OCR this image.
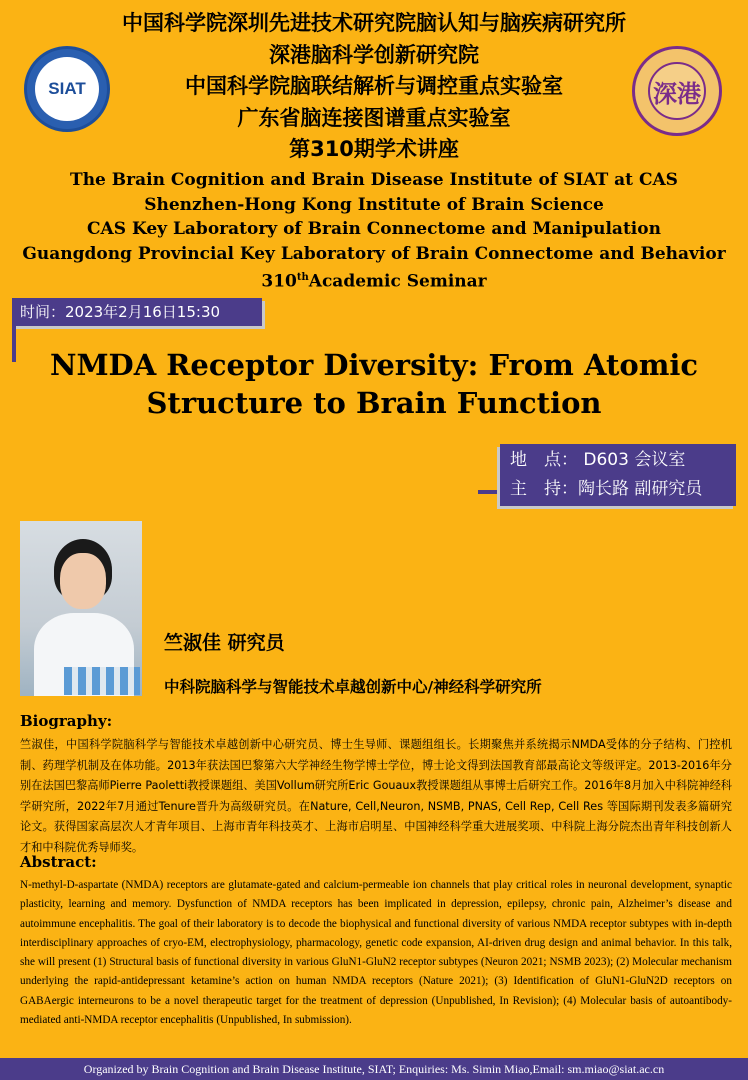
SIAT	深港
中国科学院深圳先进技术研究院脑认知与脑疾病研究所
深港脑科学创新研究院
中国科学院脑联结解析与调控重点实验室
广东省脑连接图谱重点实验室
第310期学术讲座
The Brain Cognition and Brain Disease Institute of SIAT at CAS
Shenzhen-Hong Kong Institute of Brain Science
CAS Key Laboratory of Brain Connectome and Manipulation
Guangdong Provincial Key Laboratory of Brain Connectome and Behavior
310thAcademic Seminar
时间：2023年2月16日15:30
NMDA Receptor Diversity: From Atomic Structure to Brain Function
地　点： D603 会议室
主　持：陶长路 副研究员
竺淑佳 研究员
中科院脑科学与智能技术卓越创新中心/神经科学研究所
Biography:
竺淑佳，中国科学院脑科学与智能技术卓越创新中心研究员、博士生导师、课题组组长。长期聚焦并系统揭示NMDA受体的分子结构、门控机制、药理学机制及在体功能。2013年获法国巴黎第六大学神经生物学博士学位，博士论文得到法国教育部最高论文等级评定。2013-2016年分别在法国巴黎高师Pierre Paoletti教授课题组、美国Vollum研究所Eric Gouaux教授课题组从事博士后研究工作。2016年8月加入中科院神经科学研究所，2022年7月通过Tenure晋升为高级研究员。在Nature, Cell,Neuron, NSMB, PNAS, Cell Rep, Cell Res 等国际期刊发表多篇研究论文。获得国家高层次人才青年项目、上海市青年科技英才、上海市启明星、中国神经科学重大进展奖项、中科院上海分院杰出青年科技创新人才和中科院优秀导师奖。
Abstract:
N-methyl-D-aspartate (NMDA) receptors are glutamate-gated and calcium-permeable ion channels that play critical roles in neuronal development, synaptic plasticity, learning and memory. Dysfunction of NMDA receptors has been implicated in depression, epilepsy, chronic pain, Alzheimer’s disease and autoimmune encephalitis. The goal of their laboratory is to decode the biophysical and functional diversity of various NMDA receptor subtypes with in-depth interdisciplinary approaches of cryo-EM, electrophysiology, pharmacology, genetic code expansion, AI-driven drug design and animal behavior. In this talk, she will present (1) Structural basis of functional diversity in various GluN1-GluN2 receptor subtypes (Neuron 2021; NSMB 2023); (2) Molecular mechanism underlying the rapid-antidepressant ketamine’s action on human NMDA receptors (Nature 2021); (3) Identification of GluN1-GluN2D receptors on GABAergic interneurons to be a novel therapeutic target for the treatment of depression (Unpublished, In Revision); (4) Molecular basis of autoantibody-mediated anti-NMDA receptor encephalitis (Unpublished, In submission).
Organized by Brain Cognition and Brain Disease Institute, SIAT; Enquiries: Ms. Simin Miao,Email: sm.miao@siat.ac.cn
